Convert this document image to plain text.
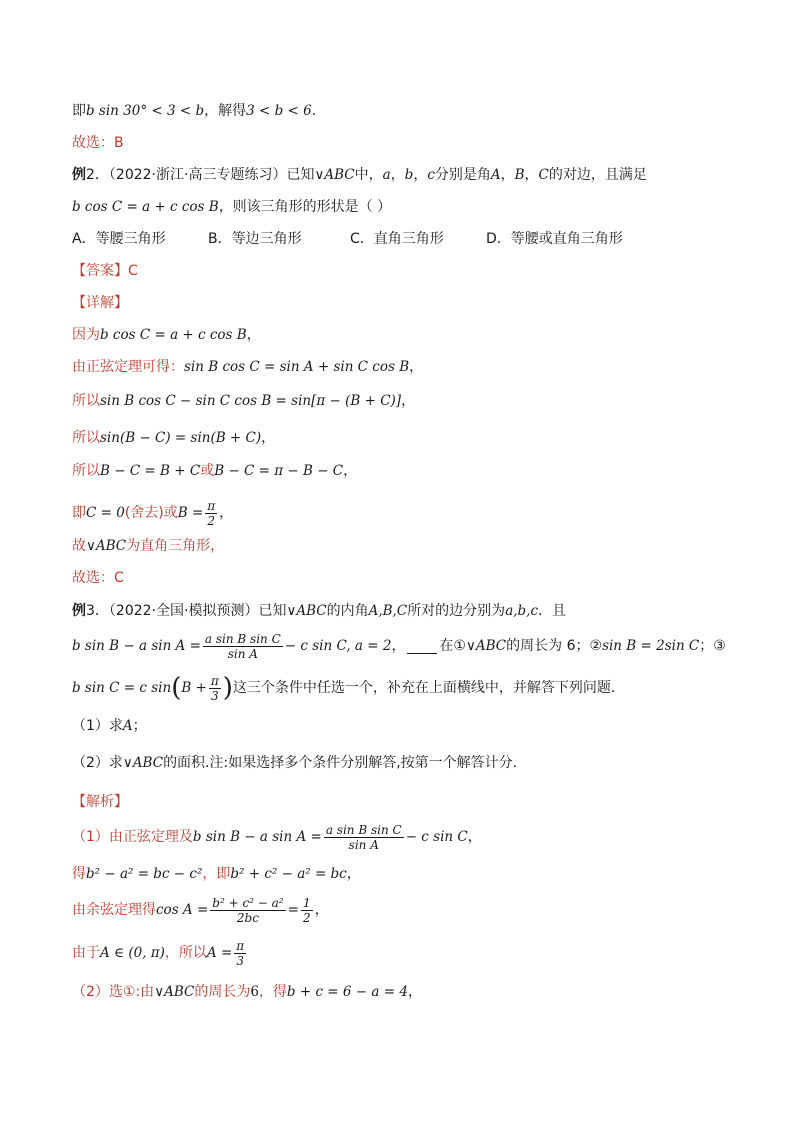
即b sin 30° < 3 < b，解得3 < b < 6.
故选：B
例2．（2022·浙江·高三专题练习）已知∨ABC中，a，b，c分别是角A，B，C的对边，且满足
b cos C = a + c cos B，则该三角形的形状是（ ）
A．等腰三角形	B．等边三角形	C．直角三角形	D．等腰或直角三角形
【答案】C
【详解】
因为b cos C = a + c cos B，
由正弦定理可得：sin B cos C = sin A + sin C cos B，
所以sin B cos C − sin C cos B = sin[π − (B + C)]，
所以sin(B − C) = sin(B + C)，
所以B − C = B + C或B − C = π − B − C，
即C = 0(舍去)或$B = \frac{\pi}{2}$ ，
故∨ABC为直角三角形，
故选：C
例3．（2022·全国·模拟预测）已知∨ABC的内角A,B,C所对的边分别为a,b,c．且
b sin B − a $\sin A = \frac{\text{a sin B sin C}}{\text{sin A}} - c$ sin C, a = 2， 在①∨ABC的周长为 6；②sin B = 2sin C；③
b sin C = c $\sin(B + \frac{\pi}{3}$ )这三个条件中任选一个，补充在上面横线中，并解答下列问题.
（1）求A；
（2）求∨ABC的面积.注:如果选择多个条件分别解答,按第一个解答计分.
【解析】
（1）由正弦定理及b sin B − a $\sin A = \frac{\text{a sin B sin C}}{\text{sin A}} - c$ sin C，
得b² − a² = bc − c²，即b² + c² − a² = bc，
由余弦定理得$\cos A = \frac{\text{b² + c² − a²}}{2bc} = \frac{1}{2}$ ，
由于A ∈ (0, π)，所以$A = \frac{\pi}{3}$
（2）选①:由∨ABC的周长为6，得b + c = 6 − a = 4，
